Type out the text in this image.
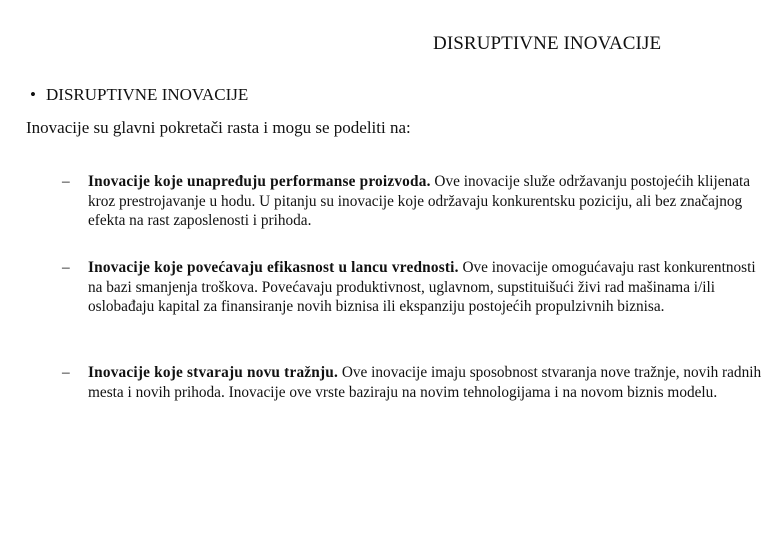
DISRUPTIVNE INOVACIJE
• DISRUPTIVNE INOVACIJE
Inovacije su glavni pokretači rasta i mogu se podeliti na:
– Inovacije koje unapređuju performanse proizvoda. Ove inovacije služe održavanju postojećih klijenata kroz prestrojavanje u hodu. U pitanju su inovacije koje održavaju konkurentsku poziciju, ali bez značajnog efekta na rast zaposlenosti i prihoda.
– Inovacije koje povećavaju efikasnost u lancu vrednosti. Ove inovacije omogućavaju rast konkurentnosti na bazi smanjenja troškova. Povećavaju produktivnost, uglavnom, supstituišući živi rad mašinama i/ili oslobađaju kapital za finansiranje novih biznisa ili ekspanziju postojećih propulzivnih biznisa.
– Inovacije koje stvaraju novu tražnju. Ove inovacije imaju sposobnost stvaranja nove tražnje, novih radnih mesta i novih prihoda. Inovacije ove vrste baziraju na novim tehnologijama i na novom biznis modelu.
